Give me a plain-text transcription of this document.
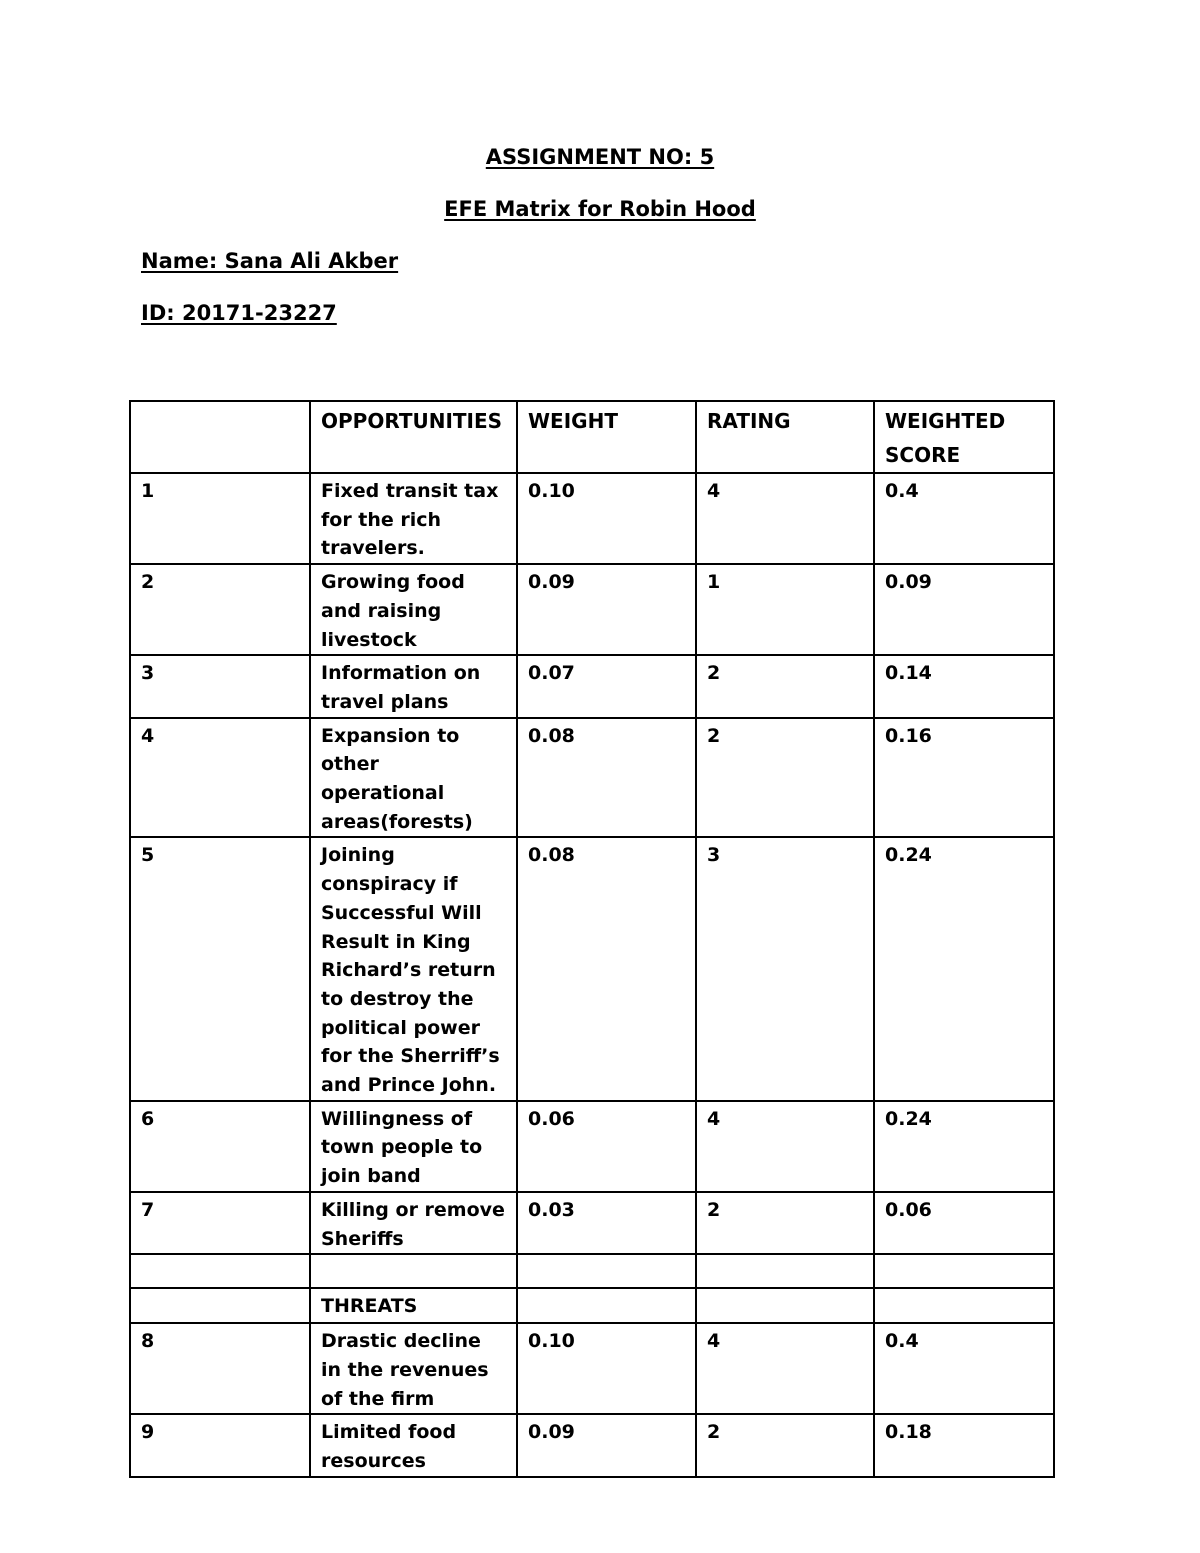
ASSIGNMENT NO: 5
EFE Matrix for Robin Hood
Name: Sana Ali Akber
ID: 20171-23227
	OPPORTUNITIES	WEIGHT	RATING	WEIGHTED SCORE
1	Fixed transit tax for the rich travelers.	0.10	4	0.4
2	Growing food and raising livestock	0.09	1	0.09
3	Information on travel plans	0.07	2	0.14
4	Expansion to other operational areas(forests)	0.08	2	0.16
5	Joining conspiracy if Successful Will Result in King Richard’s return to destroy the political power for the Sherriff’s and Prince John.	0.08	3	0.24
6	Willingness of town people to join band	0.06	4	0.24
7	Killing or remove Sheriffs	0.03	2	0.06

	THREATS			
8	Drastic decline in the revenues of the firm	0.10	4	0.4
9	Limited food resources	0.09	2	0.18
